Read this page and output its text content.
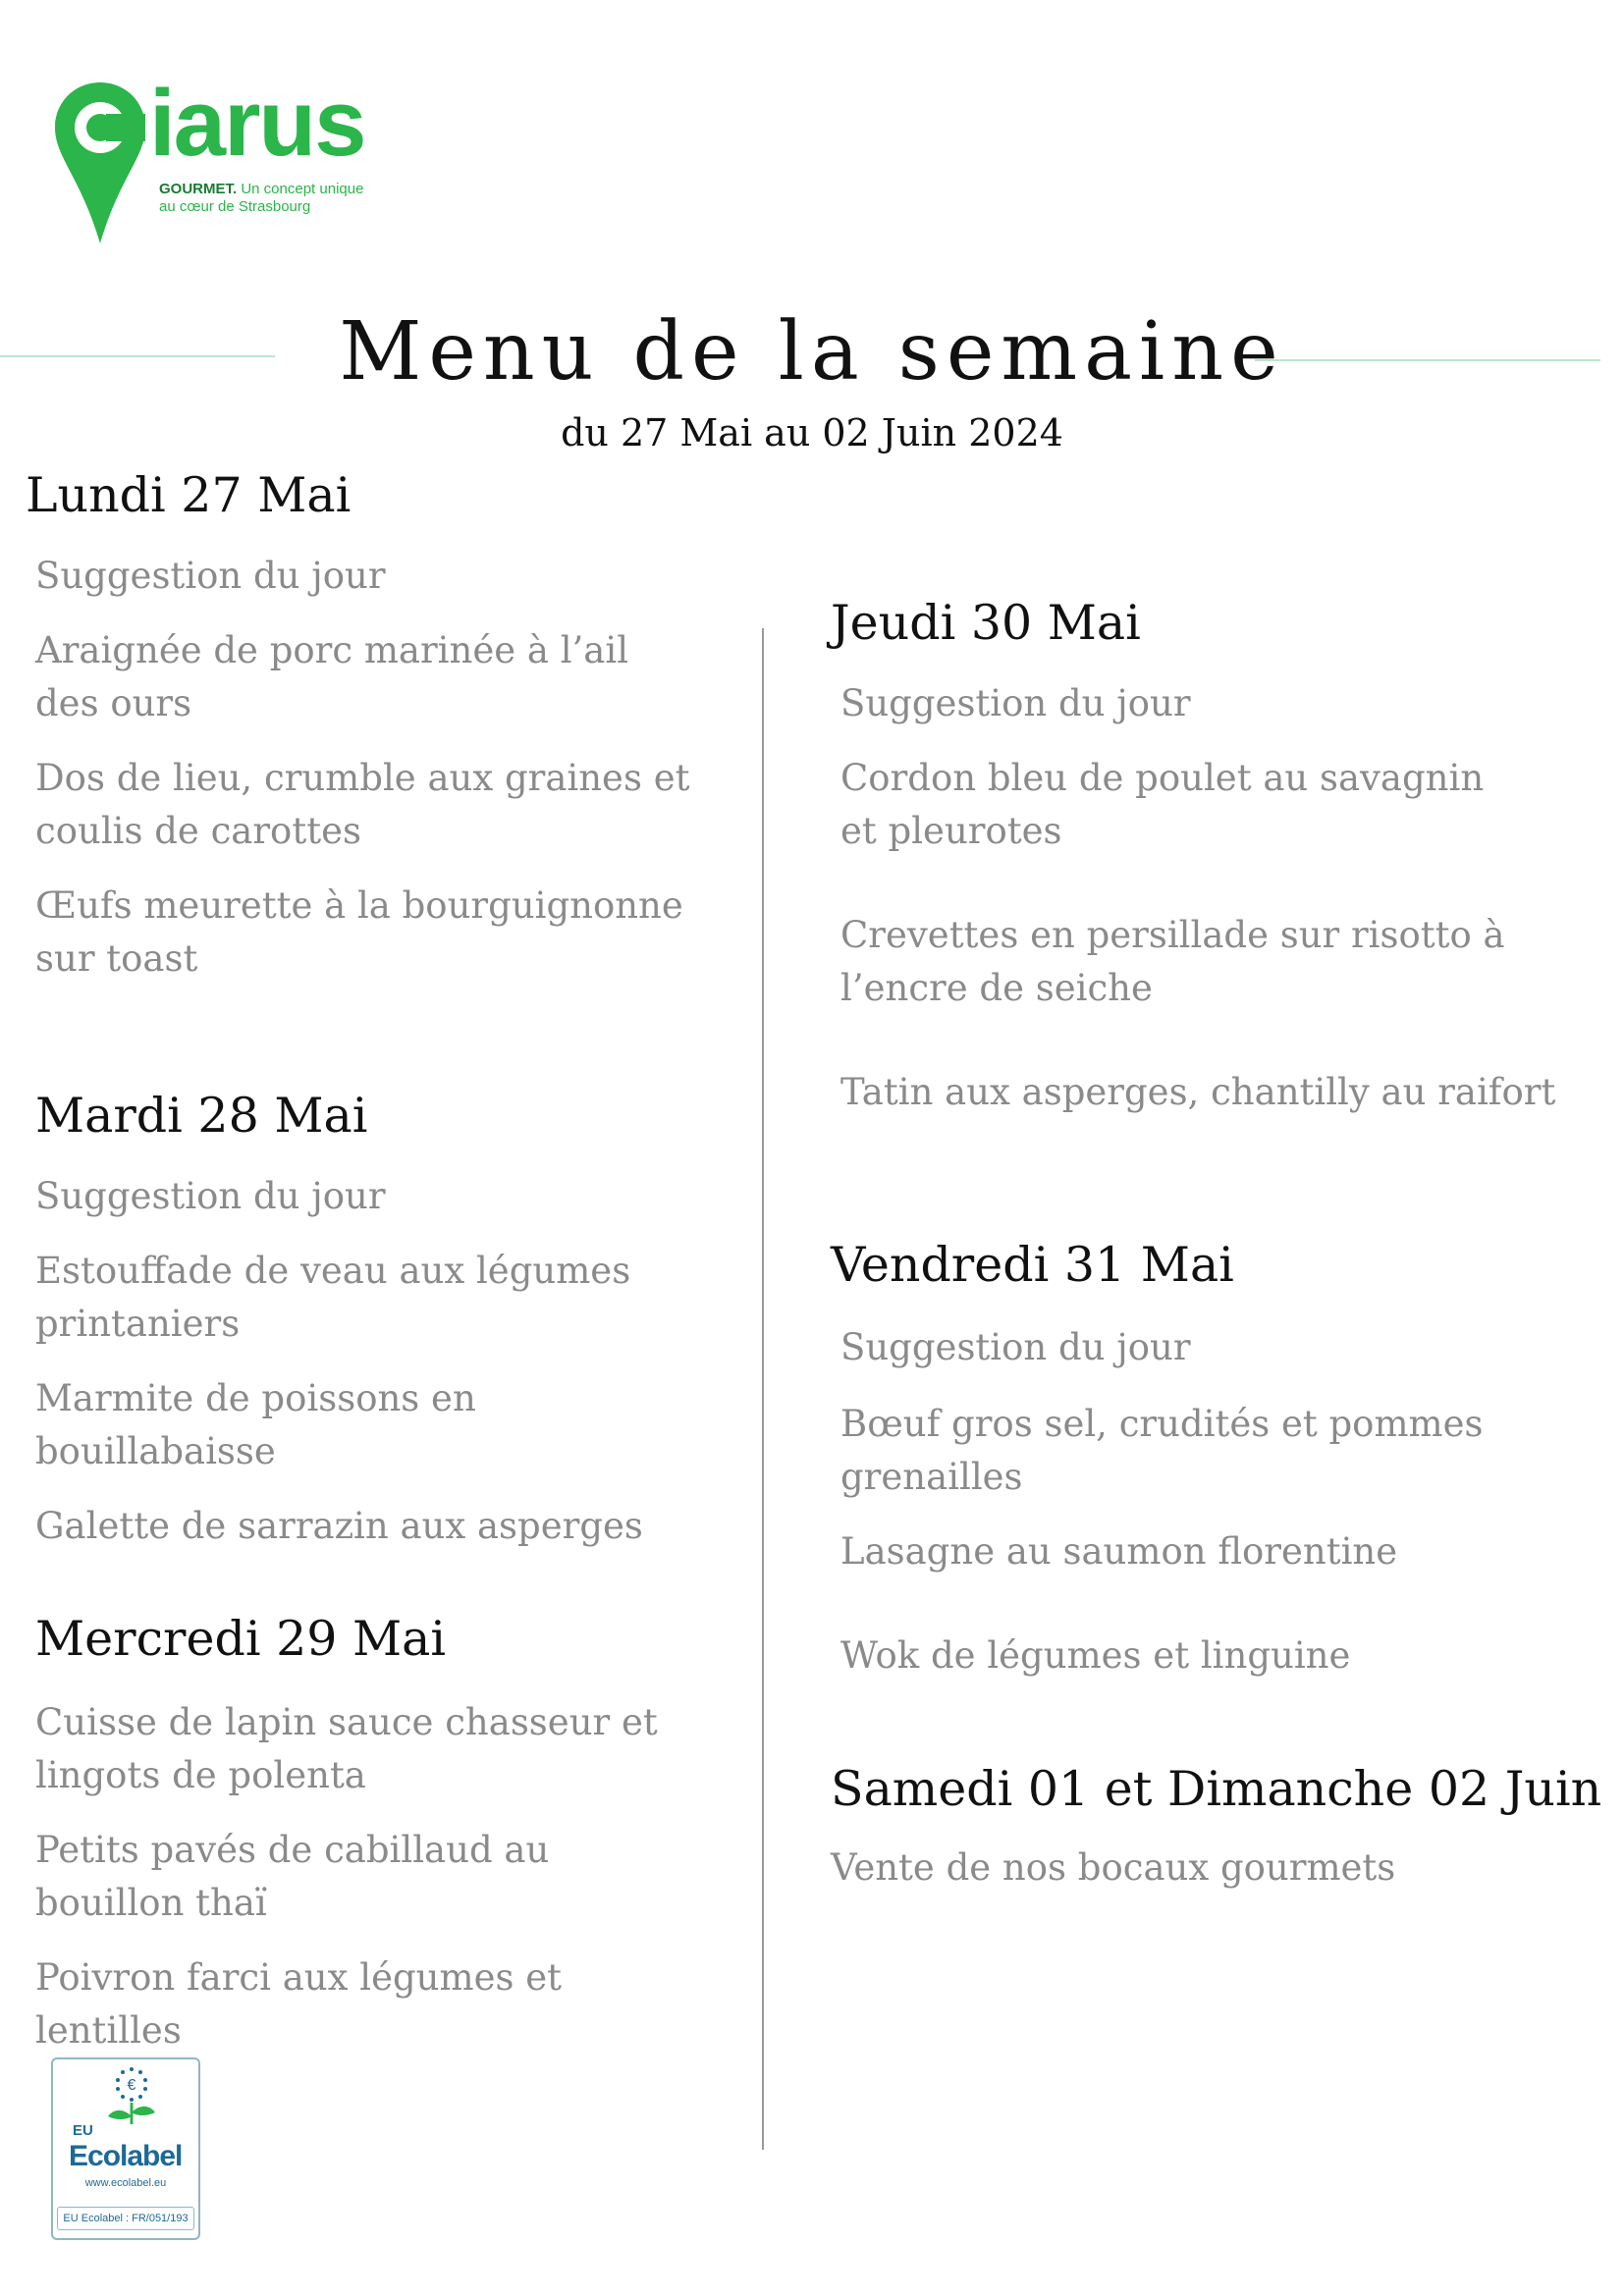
iarus
GOURMET. Un concept unique
au cœur de Strasbourg
Menu de la semaine
du 27 Mai au 02 Juin 2024
Lundi 27 Mai
Suggestion du jour
Araignée de porc marinée à l’ail des ours
Dos de lieu, crumble aux graines et coulis de carottes
Œufs meurette à la bourguignonne sur toast
Mardi 28 Mai
Suggestion du jour
Estouffade de veau aux légumes printaniers
Marmite de poissons en bouillabaisse
Galette de sarrazin aux asperges
Mercredi 29 Mai
Cuisse de lapin sauce chasseur et lingots de polenta
Petits pavés de cabillaud au bouillon thaï
Poivron farci aux légumes et lentilles
Jeudi 30 Mai
Suggestion du jour
Cordon bleu de poulet au savagnin et pleurotes
Crevettes en persillade sur risotto à l’encre de seiche
Tatin aux asperges, chantilly au raifort
Vendredi 31 Mai
Suggestion du jour
Bœuf gros sel, crudités et pommes grenailles
Lasagne au saumon florentine
Wok de légumes et linguine
Samedi 01 et Dimanche 02 Juin
Vente de nos bocaux gourmets
€
EU
Ecolabel
www.ecolabel.eu
EU Ecolabel : FR/051/193
